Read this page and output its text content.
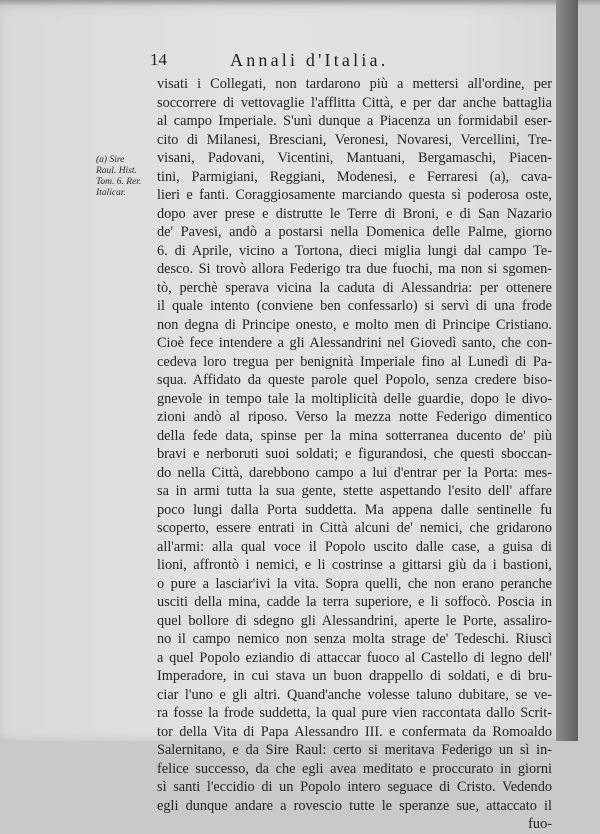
14	Annali d'Italia.
(a) Sire
Raul. Hist.
Tom. 6. Rer.
Italicar.
visati i Collegati, non tardarono più a mettersi all'ordine, per
soccorrere di vettovaglie l'afflitta Città, e per dar anche battaglia
al campo Imperiale. S'unì dunque a Piacenza un formidabil eser-
cito di Milanesi, Bresciani, Veronesi, Novaresi, Vercellini, Tre-
visani, Padovani, Vicentini, Mantuani, Bergamaschi, Piacen-
tini, Parmigiani, Reggiani, Modenesi, e Ferraresi (a), cava-
lieri e fanti. Coraggiosamente marciando questa sì poderosa oste,
dopo aver prese e distrutte le Terre di Broni, e di San Nazario
de' Pavesi, andò a postarsi nella Domenica delle Palme, giorno
6. di Aprile, vicino a Tortona, dieci miglia lungi dal campo Te-
desco. Si trovò allora Federigo tra due fuochi, ma non si sgomen-
tò, perchè sperava vicina la caduta di Alessandria: per ottenere
il quale intento (conviene ben confessarlo) si servì di una frode
non degna di Principe onesto, e molto men di Principe Cristiano.
Cioè fece intendere a gli Alessandrini nel Giovedì santo, che con-
cedeva loro tregua per benignità Imperiale fino al Lunedì di Pa-
squa. Affidato da queste parole quel Popolo, senza credere biso-
gnevole in tempo tale la moltiplicità delle guardie, dopo le divo-
zioni andò al riposo. Verso la mezza notte Federigo dimentico
della fede data, spinse per la mina sotterranea ducento de' più
bravi e nerboruti suoi soldati; e figurandosi, che questi sboccan-
do nella Città, darebbono campo a lui d'entrar per la Porta: mes-
sa in armi tutta la sua gente, stette aspettando l'esito dell' affare
poco lungi dalla Porta suddetta. Ma appena dalle sentinelle fu
scoperto, essere entrati in Città alcuni de' nemici, che gridarono
all'armi: alla qual voce il Popolo uscito dalle case, a guisa di
lioni, affrontò i nemici, e li costrinse a gittarsi giù da i bastioni,
o pure a lasciar'ivi la vita. Sopra quelli, che non erano peranche
usciti della mina, cadde la terra superiore, e li soffocò. Poscia in
quel bollore di sdegno gli Alessandrini, aperte le Porte, assaliro-
no il campo nemico non senza molta strage de' Tedeschi. Riuscì
a quel Popolo eziandio di attaccar fuoco al Castello di legno dell'
Imperadore, in cui stava un buon drappello di soldati, e di bru-
ciar l'uno e gli altri. Quand'anche volesse taluno dubitare, se ve-
ra fosse la frode suddetta, la qual pure vien raccontata dallo Scrit-
tor della Vita di Papa Alessandro III. e confermata da Romoaldo
Salernitano, e da Sire Raul: certo si meritava Federigo un sì in-
felice successo, da che egli avea meditato e proccurato in giorni
sì santi l'eccidio di un Popolo intero seguace di Cristo. Vedendo
egli dunque andare a rovescio tutte le speranze sue, attaccato il
fuo-
